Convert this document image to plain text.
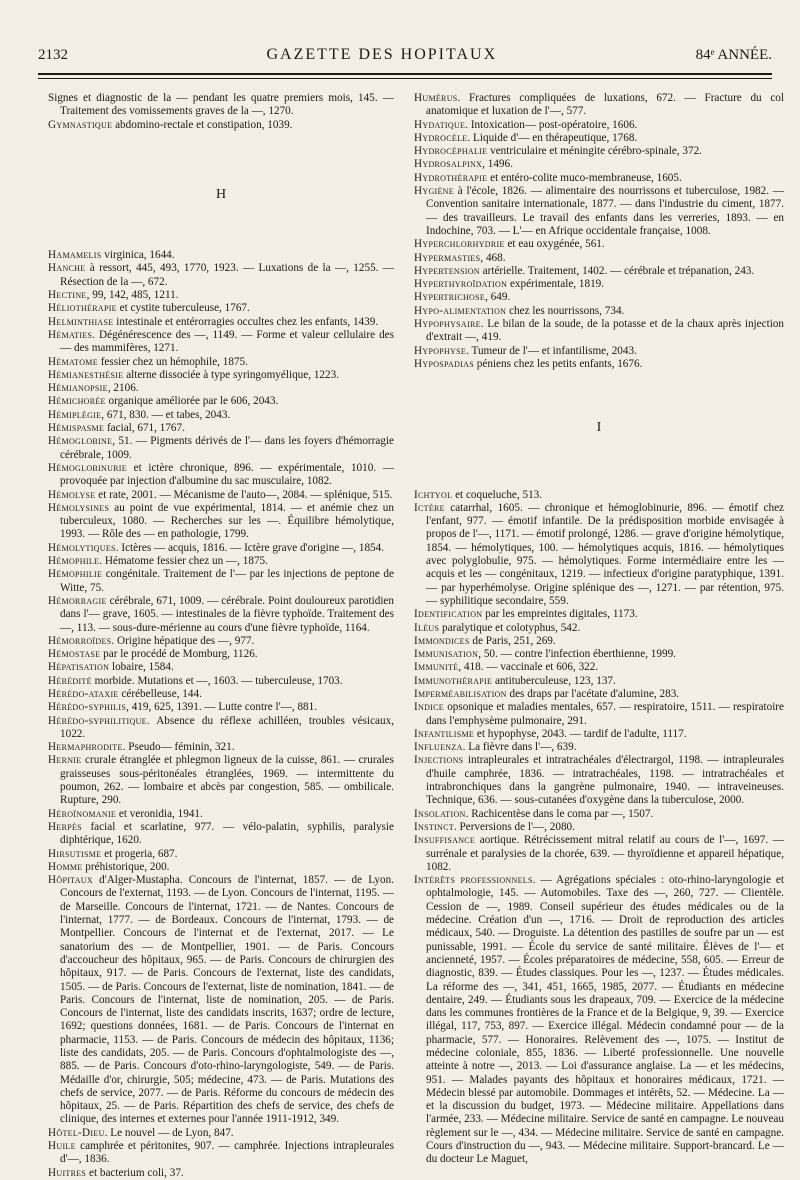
2132	GAZETTE DES HOPITAUX	84ᵉ ANNÉE.

Signes et diagnostic de la — pendant les quatre premiers mois, 145. — Traitement des vomissements graves de la —, 1270.

Gymnastique abdomino-rectale et constipation, 1039.

H

Hamamelis virginica, 1644.

Hanche à ressort, 445, 493, 1770, 1923. — Luxations de la —, 1255. — Résection de la —, 672.

Hectine, 99, 142, 485, 1211.

Héliothérapie et cystite tuberculeuse, 1767.

Helminthiase intestinale et entérorragies occultes chez les enfants, 1439.

Hématies. Dégénérescence des —, 1149. — Forme et valeur cellulaire des — des mammifères, 1271.

Hématome fessier chez un hémophile, 1875.

Hémianesthésie alterne dissociée à type syringomyélique, 1223.

Hémianopsie, 2106.

Hémichorée organique améliorée par le 606, 2043.

Hémiplégie, 671, 830. — et tabes, 2043.

Hémispasme facial, 671, 1767.

Hémoglobine, 51. — Pigments dérivés de l'— dans les foyers d'hémorragie cérébrale, 1009.

Hémoglobinurie et ictère chronique, 896. — expérimentale, 1010. — provoquée par injection d'albumine du sac musculaire, 1082.

Hémolyse et rate, 2001. — Mécanisme de l'auto—, 2084. — splénique, 515.

Hémolysines au point de vue expérimental, 1814. — et anémie chez un tuberculeux, 1080. — Recherches sur les —. Équilibre hémolytique, 1993. — Rôle des — en pathologie, 1799.

Hémolytiques. Ictères — acquis, 1816. — Ictère grave d'origine —, 1854.

Hémophile. Hématome fessier chez un —, 1875.

Hémophilie congénitale. Traitement de l'— par les injections de peptone de Witte, 75.

Hémorragie cérébrale, 671, 1009. — cérébrale. Point douloureux parotidien dans l'— grave, 1605. — intestinales de la fièvre typhoïde. Traitement des —, 113. — sous-dure-mérienne au cours d'une fièvre typhoïde, 1164.

Hémorroïdes. Origine hépatique des —, 977.

Hémostase par le procédé de Momburg, 1126.

Hépatisation lobaire, 1584.

Hérédité morbide. Mutations et —, 1603. — tuberculeuse, 1703.

Hérédo-ataxie cérébelleuse, 144.

Hérédo-syphilis, 419, 625, 1391. — Lutte contre l'—, 881.

Hérédo-syphilitique. Absence du réflexe achilléen, troubles vésicaux, 1022.

Hermaphrodite. Pseudo— féminin, 321.

Hernie crurale étranglée et phlegmon ligneux de la cuisse, 861. — crurales graisseuses sous-péritonéales étranglées, 1969. — intermittente du poumon, 262. — lombaire et abcès par congestion, 585. — ombilicale. Rupture, 290.

Héroïnomanie et veronidia, 1941.

Herpès facial et scarlatine, 977. — vélo-palatin, syphilis, paralysie diphtérique, 1620.

Hirsutisme et progeria, 687.

Homme préhistorique, 200.

Hôpitaux d'Alger-Mustapha. Concours de l'internat, 1857. — de Lyon. Concours de l'externat, 1193. — de Lyon. Concours de l'internat, 1195. — de Marseille. Concours de l'internat, 1721. — de Nantes. Concours de l'internat, 1777. — de Bordeaux. Concours de l'internat, 1793. — de Montpellier. Concours de l'internat et de l'externat, 2017. — Le sanatorium des — de Montpellier, 1901. — de Paris. Concours d'accoucheur des hôpitaux, 965. — de Paris. Concours de chirurgien des hôpitaux, 917. — de Paris. Concours de l'externat, liste des candidats, 1505. — de Paris. Concours de l'externat, liste de nomination, 1841. — de Paris. Concours de l'internat, liste de nomination, 205. — de Paris. Concours de l'internat, liste des candidats inscrits, 1637; ordre de lecture, 1692; questions données, 1681. — de Paris. Concours de l'internat en pharmacie, 1153. — de Paris. Concours de médecin des hôpitaux, 1136; liste des candidats, 205. — de Paris. Concours d'ophtalmologiste des —, 885. — de Paris. Concours d'oto-rhino-laryngologiste, 549. — de Paris. Médaille d'or, chirurgie, 505; médecine, 473. — de Paris. Mutations des chefs de service, 2077. — de Paris. Réforme du concours de médecin des hôpitaux, 25. — de Paris. Répartition des chefs de service, des chefs de clinique, des internes et externes pour l'année 1911-1912, 349.

Hôtel-Dieu. Le nouvel — de Lyon, 847.

Huile camphrée et péritonites, 907. — camphrée. Injections intrapleurales d'—, 1836.

Huitres et bacterium coli, 37.

Humérus. Fractures compliquées de luxations, 672. — Fracture du col anatomique et luxation de l'—, 577.

Hydatique. Intoxication— post-opératoire, 1606.

Hydrocèle. Liquide d'— en thérapeutique, 1768.

Hydrocéphalie ventriculaire et méningite cérébro-spinale, 372.

Hydrosalpinx, 1496.

Hydrothérapie et entéro-colite muco-membraneuse, 1605.

Hygiène à l'école, 1826. — alimentaire des nourrissons et tuberculose, 1982. — Convention sanitaire internationale, 1877. — dans l'industrie du ciment, 1877. — des travailleurs. Le travail des enfants dans les verreries, 1893. — en Indochine, 703. — L'— en Afrique occidentale française, 1008.

Hyperchlorhydrie et eau oxygénée, 561.

Hypermasties, 468.

Hypertension artérielle. Traitement, 1402. — cérébrale et trépanation, 243.

Hyperthyroïdation expérimentale, 1819.

Hypertrichose, 649.

Hypo-alimentation chez les nourrissons, 734.

Hypophysaire. Le bilan de la soude, de la potasse et de la chaux après injection d'extrait —, 419.

Hypophyse. Tumeur de l'— et infantilisme, 2043.

Hypospadias péniens chez les petits enfants, 1676.

I

Ichtyol et coqueluche, 513.

Ictère catarrhal, 1605. — chronique et hémoglobinurie, 896. — émotif chez l'enfant, 977. — émotif infantile. De la prédisposition morbide envisagée à propos de l'—, 1171. — émotif prolongé, 1286. — grave d'origine hémolytique, 1854. — hémolytiques, 100. — hémolytiques acquis, 1816. — hémolytiques avec polyglobulie, 975. — hémolytiques. Forme intermédiaire entre les — acquis et les — congénitaux, 1219. — infectieux d'origine paratyphique, 1391. — par hyperhémolyse. Origine splénique des —, 1271. — par rétention, 975. — syphilitique secondaire, 559.

Identification par les empreintes digitales, 1173.

Iléus paralytique et colotyphus, 542.

Immondices de Paris, 251, 269.

Immunisation, 50. — contre l'infection éberthienne, 1999.

Immunité, 418. — vaccinale et 606, 322.

Immunothérapie antituberculeuse, 123, 137.

Imperméabilisation des draps par l'acétate d'alumine, 283.

Indice opsonique et maladies mentales, 657. — respiratoire, 1511. — respiratoire dans l'emphysème pulmonaire, 291.

Infantilisme et hypophyse, 2043. — tardif de l'adulte, 1117.

Influenza. La fièvre dans l'—, 639.

Injections intrapleurales et intratrachéales d'électrargol, 1198. — intrapleurales d'huile camphrée, 1836. — intratrachéales, 1198. — intratrachéales et intrabronchiques dans la gangrène pulmonaire, 1940. — intraveineuses. Technique, 636. — sous-cutanées d'oxygène dans la tuberculose, 2000.

Insolation. Rachicentèse dans le coma par —, 1507.

Instinct. Perversions de l'—, 2080.

Insuffisance aortique. Rétrécissement mitral relatif au cours de l'—, 1697. — surrénale et paralysies de la chorée, 639. — thyroïdienne et appareil hépatique, 1082.

Intérêts professionnels. — Agrégations spéciales : oto-rhino-laryngologie et ophtalmologie, 145. — Automobiles. Taxe des —, 260, 727. — Clientèle. Cession de —, 1989. Conseil supérieur des études médicales ou de la médecine. Création d'un —, 1716. — Droit de reproduction des articles médicaux, 540. — Droguiste. La détention des pastilles de soufre par un — est punissable, 1991. — École du service de santé militaire. Élèves de l'— et ancienneté, 1957. — Écoles préparatoires de médecine, 558, 605. — Erreur de diagnostic, 839. — Études classiques. Pour les —, 1237. — Études médicales. La réforme des —, 341, 451, 1665, 1985, 2077. — Étudiants en médecine dentaire, 249. — Étudiants sous les drapeaux, 709. — Exercice de la médecine dans les communes frontières de la France et de la Belgique, 9, 39. — Exercice illégal, 117, 753, 897. — Exercice illégal. Médecin condamné pour — de la pharmacie, 577. — Honoraires. Relèvement des —, 1075. — Institut de médecine coloniale, 855, 1836. — Liberté professionnelle. Une nouvelle atteinte à notre —, 2013. — Loi d'assurance anglaise. La — et les médecins, 951. — Malades payants des hôpitaux et honoraires médicaux, 1721. — Médecin blessé par automobile. Dommages et intérêts, 52. — Médecine. La — et la discussion du budget, 1973. — Médecine militaire. Appellations dans l'armée, 233. — Médecine militaire. Service de santé en campagne. Le nouveau règlement sur le —, 434. — Médecine militaire. Service de santé en campagne. Cours d'instruction du —, 943. — Médecine militaire. Support-brancard. Le — du docteur Le Maguet,
